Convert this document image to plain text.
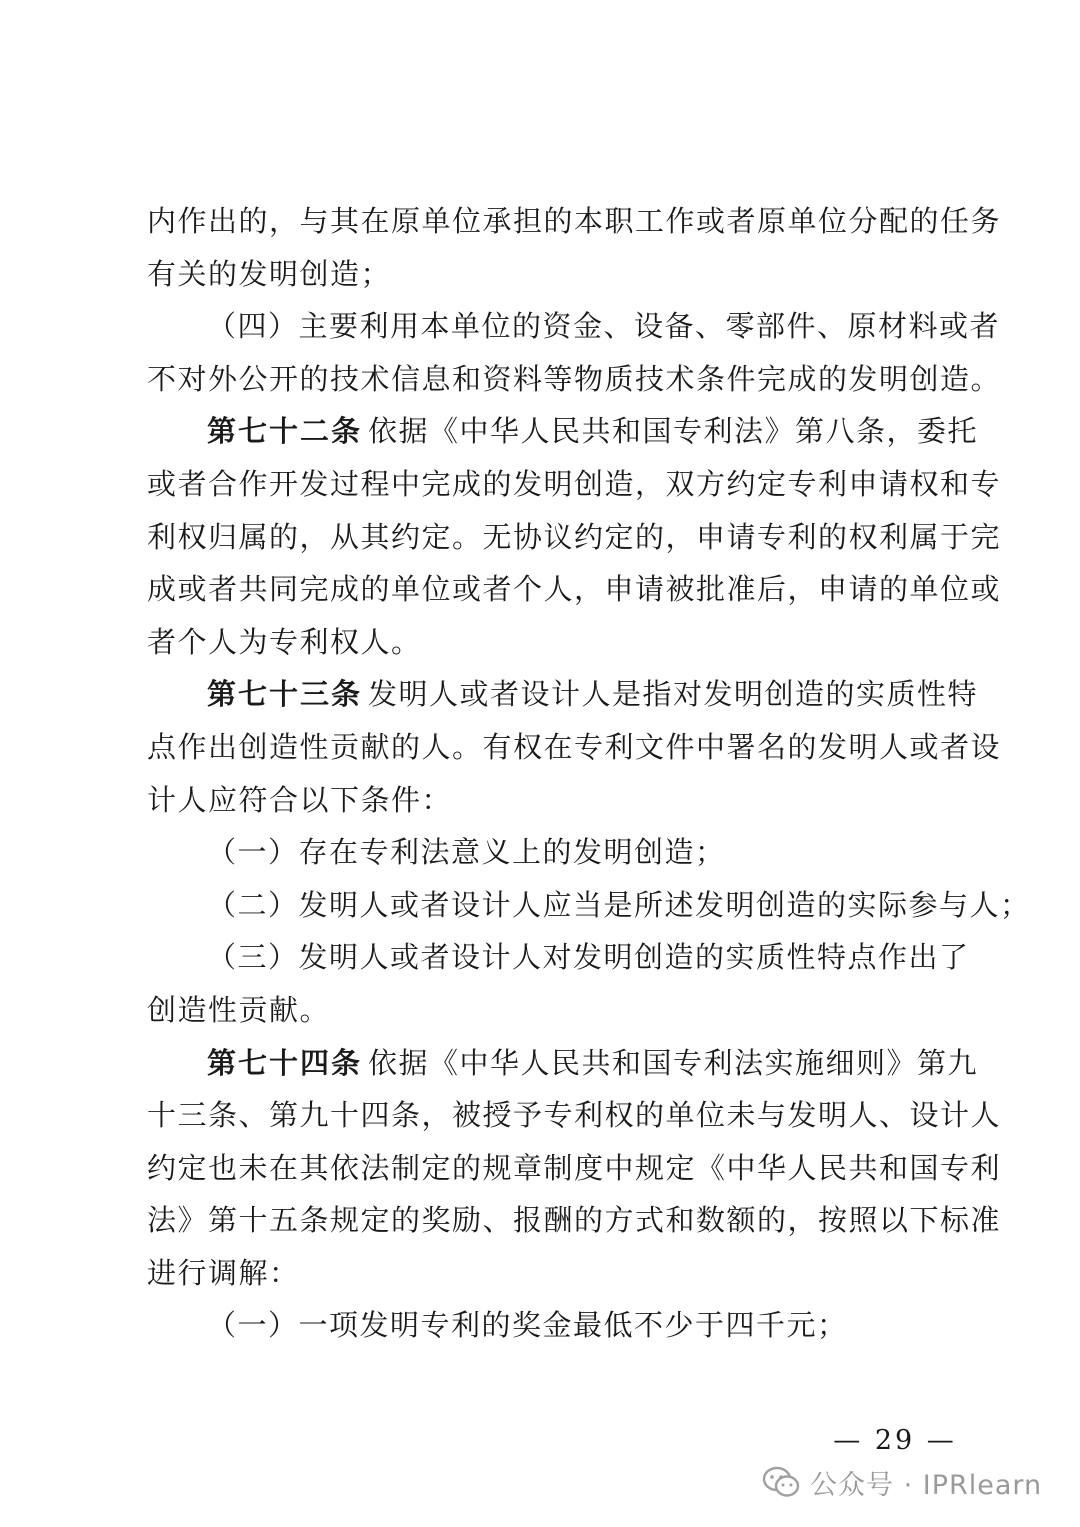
内作出的，与其在原单位承担的本职工作或者原单位分配的任务
有关的发明创造；
（四）主要利用本单位的资金、设备、零部件、原材料或者
不对外公开的技术信息和资料等物质技术条件完成的发明创造。
第七十二条 依据《中华人民共和国专利法》第八条，委托
或者合作开发过程中完成的发明创造，双方约定专利申请权和专
利权归属的，从其约定。无协议约定的，申请专利的权利属于完
成或者共同完成的单位或者个人，申请被批准后，申请的单位或
者个人为专利权人。
第七十三条 发明人或者设计人是指对发明创造的实质性特
点作出创造性贡献的人。有权在专利文件中署名的发明人或者设
计人应符合以下条件：
（一）存在专利法意义上的发明创造；
（二）发明人或者设计人应当是所述发明创造的实际参与人；
（三）发明人或者设计人对发明创造的实质性特点作出了
创造性贡献。
第七十四条 依据《中华人民共和国专利法实施细则》第九
十三条、第九十四条，被授予专利权的单位未与发明人、设计人
约定也未在其依法制定的规章制度中规定《中华人民共和国专利
法》第十五条规定的奖励、报酬的方式和数额的，按照以下标准
进行调解：
（一）一项发明专利的奖金最低不少于四千元；
— 29 —
公众号 · IPRlearn
